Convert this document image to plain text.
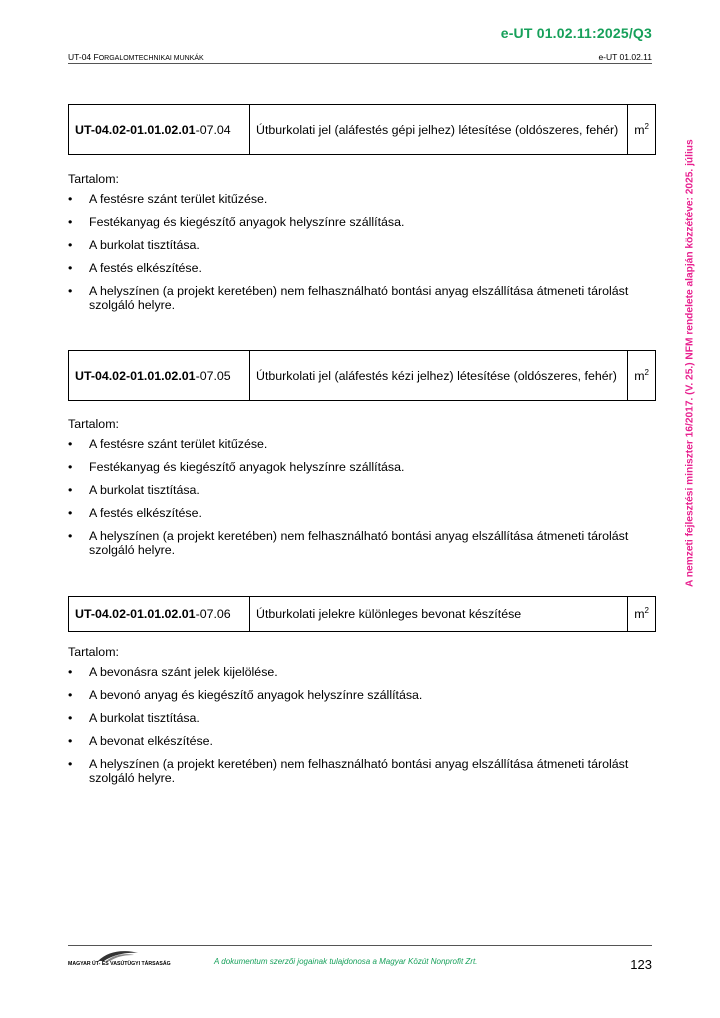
e-UT 01.02.11:2025/Q3
UT-04 FORGALOMTECHNIKAI MUNKÁK	e-UT 01.02.11
A nemzeti fejlesztési miniszter 16/2017. (V. 25.) NFM rendelete alapján közzétéve: 2025. július
UT-04.02-01.01.02.01-07.04	Útburkolati jel (aláfestés gépi jelhez) létesítése (oldószeres, fehér)	$m^2$
Tartalom:
• A festésre szánt terület kitűzése.
• Festékanyag és kiegészítő anyagok helyszínre szállítása.
• A burkolat tisztítása.
• A festés elkészítése.
• A helyszínen (a projekt keretében) nem felhasználható bontási anyag elszállítása átmeneti tárolást szolgáló helyre.
UT-04.02-01.01.02.01-07.05	Útburkolati jel (aláfestés kézi jelhez) létesítése (oldószeres, fehér)	$m^2$
Tartalom:
• A festésre szánt terület kitűzése.
• Festékanyag és kiegészítő anyagok helyszínre szállítása.
• A burkolat tisztítása.
• A festés elkészítése.
• A helyszínen (a projekt keretében) nem felhasználható bontási anyag elszállítása átmeneti tárolást szolgáló helyre.
UT-04.02-01.01.02.01-07.06	Útburkolati jelekre különleges bevonat készítése	$m^2$
Tartalom:
• A bevonásra szánt jelek kijelölése.
• A bevonó anyag és kiegészítő anyagok helyszínre szállítása.
• A burkolat tisztítása.
• A bevonat elkészítése.
• A helyszínen (a projekt keretében) nem felhasználható bontási anyag elszállítása átmeneti tárolást szolgáló helyre.
MAGYAR ÚT- ÉS VASÚTÜGYI TÁRSASÁG	A dokumentum szerzői jogainak tulajdonosa a Magyar Közút Nonprofit Zrt.	123
